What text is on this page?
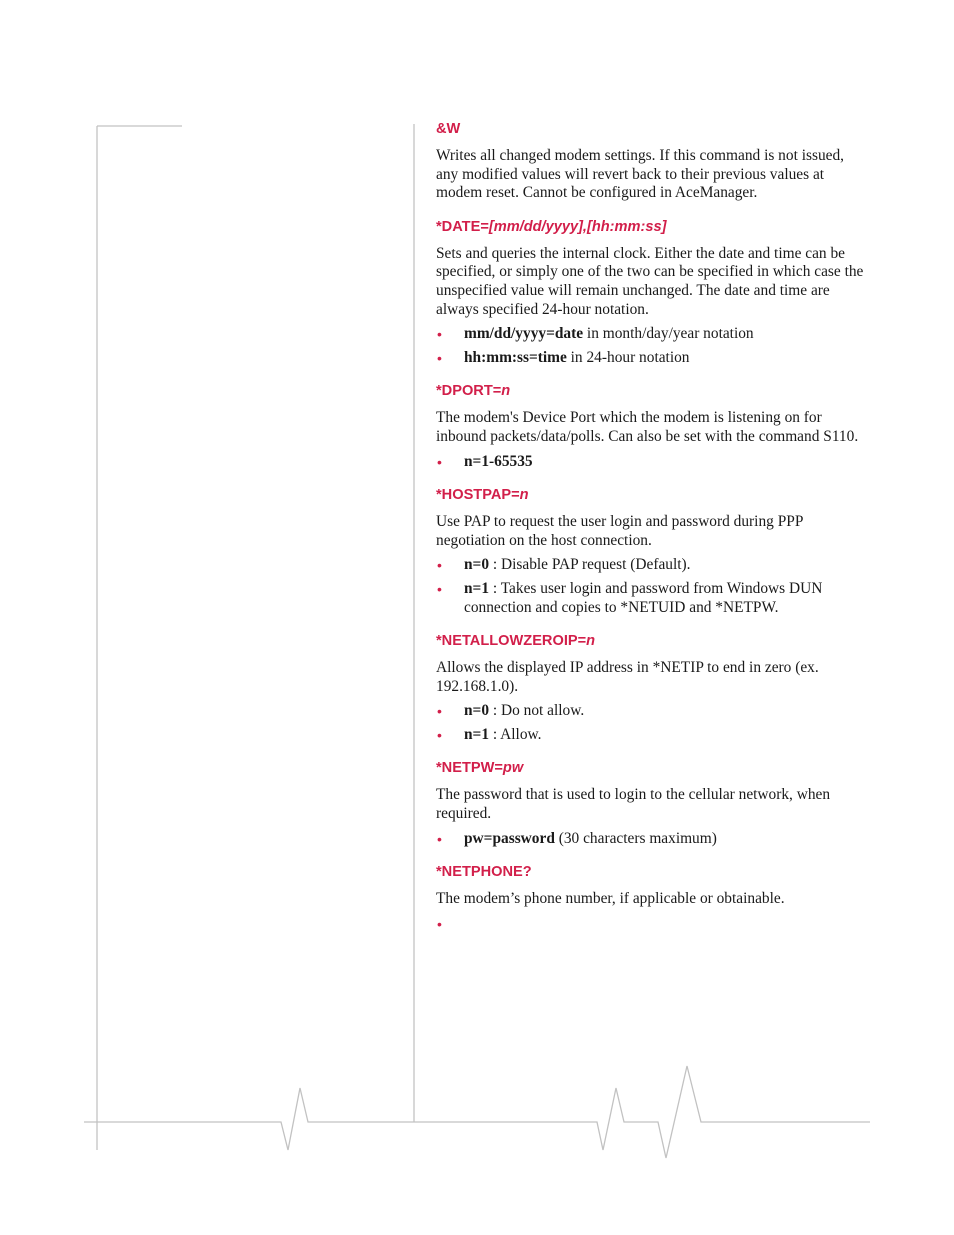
&W
Writes all changed modem settings. If this command is not issued, any modified values will revert back to their previous values at modem reset. Cannot be configured in AceManager.
*DATE=[mm/dd/yyyy],[hh:mm:ss]
Sets and queries the internal clock. Either the date and time can be specified, or simply one of the two can be specified in which case the unspecified value will remain unchanged. The date and time are always specified 24-hour notation.
• mm/dd/yyyy=date in month/day/year notation
• hh:mm:ss=time in 24-hour notation
*DPORT=n
The modem's Device Port which the modem is listening on for inbound packets/data/polls. Can also be set with the command S110.
• n=1-65535
*HOSTPAP=n
Use PAP to request the user login and password during PPP negotiation on the host connection.
• n=0 : Disable PAP request (Default).
• n=1 : Takes user login and password from Windows DUN connection and copies to *NETUID and *NETPW.
*NETALLOWZEROIP=n
Allows the displayed IP address in *NETIP to end in zero (ex. 192.168.1.0).
• n=0 : Do not allow.
• n=1 : Allow.
*NETPW=pw
The password that is used to login to the cellular network, when required.
• pw=password (30 characters maximum)
*NETPHONE?
The modem’s phone number, if applicable or obtainable.
•
